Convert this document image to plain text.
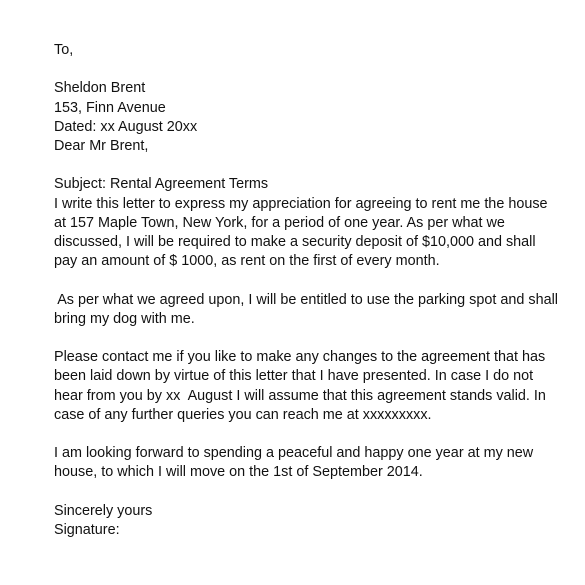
To,
Sheldon Brent
153, Finn Avenue
Dated: xx August 20xx
Dear Mr Brent,
Subject: Rental Agreement Terms
I write this letter to express my appreciation for agreeing to rent me the house
at 157 Maple Town, New York, for a period of one year. As per what we
discussed, I will be required to make a security deposit of $10,000 and shall
pay an amount of $ 1000, as rent on the first of every month.
As per what we agreed upon, I will be entitled to use the parking spot and shall
bring my dog with me.
Please contact me if you like to make any changes to the agreement that has
been laid down by virtue of this letter that I have presented. In case I do not
hear from you by xx  August I will assume that this agreement stands valid. In
case of any further queries you can reach me at xxxxxxxxx.
I am looking forward to spending a peaceful and happy one year at my new
house, to which I will move on the 1st of September 2014.
Sincerely yours
Signature:
